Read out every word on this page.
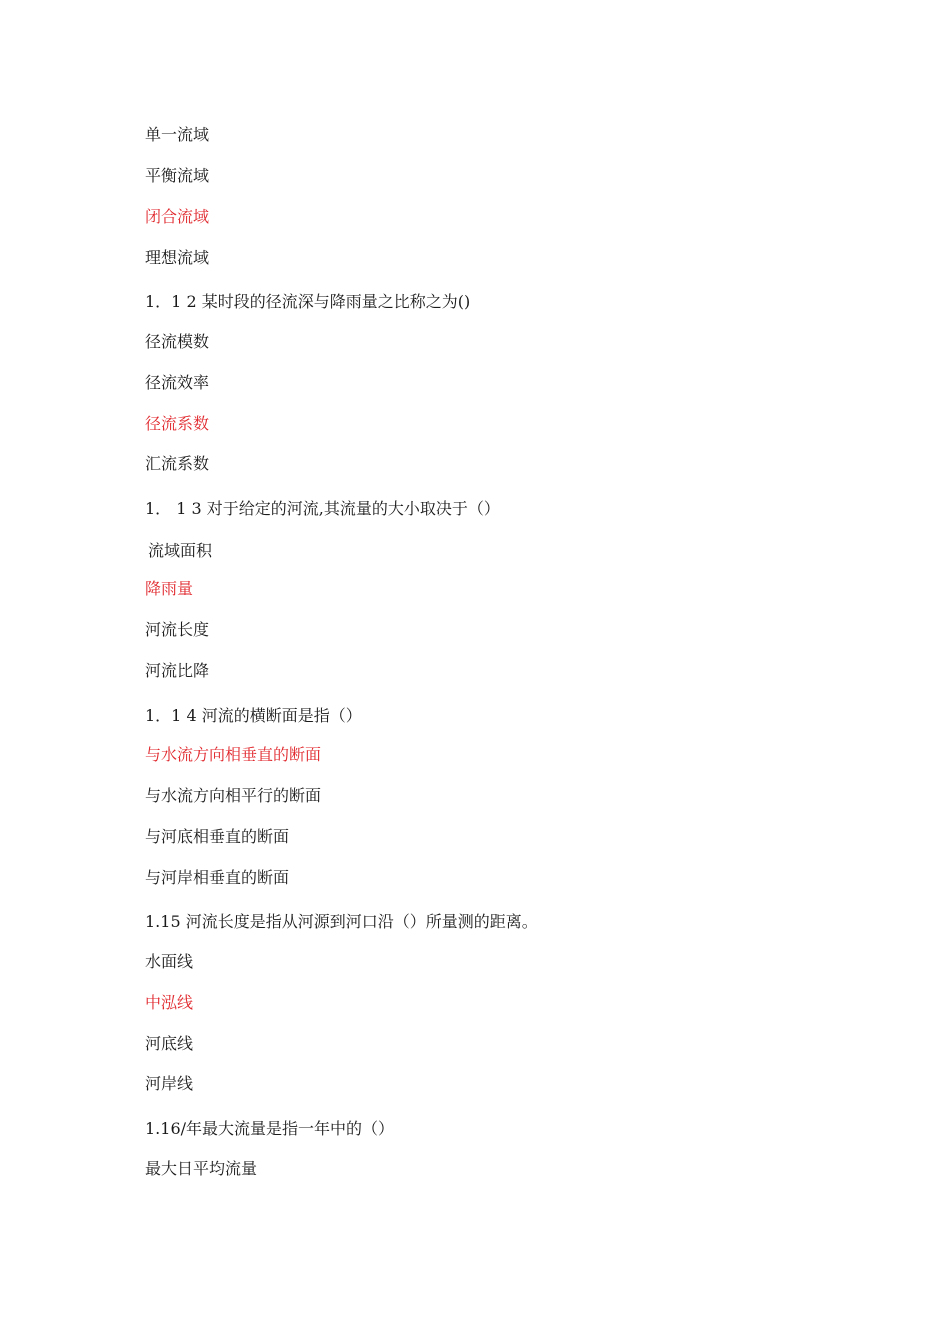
单一流域
平衡流域
闭合流域
理想流域
1．1 2 某时段的径流深与降雨量之比称之为()
径流模数
径流效率
径流系数
汇流系数
1． 1 3 对于给定的河流,其流量的大小取决于（）
流域面积
降雨量
河流长度
河流比降
1．1 4 河流的横断面是指（）
与水流方向相垂直的断面
与水流方向相平行的断面
与河底相垂直的断面
与河岸相垂直的断面
1.15 河流长度是指从河源到河口沿（）所量测的距离。
水面线
中泓线
河底线
河岸线
1.16∕年最大流量是指一年中的（）
最大日平均流量
